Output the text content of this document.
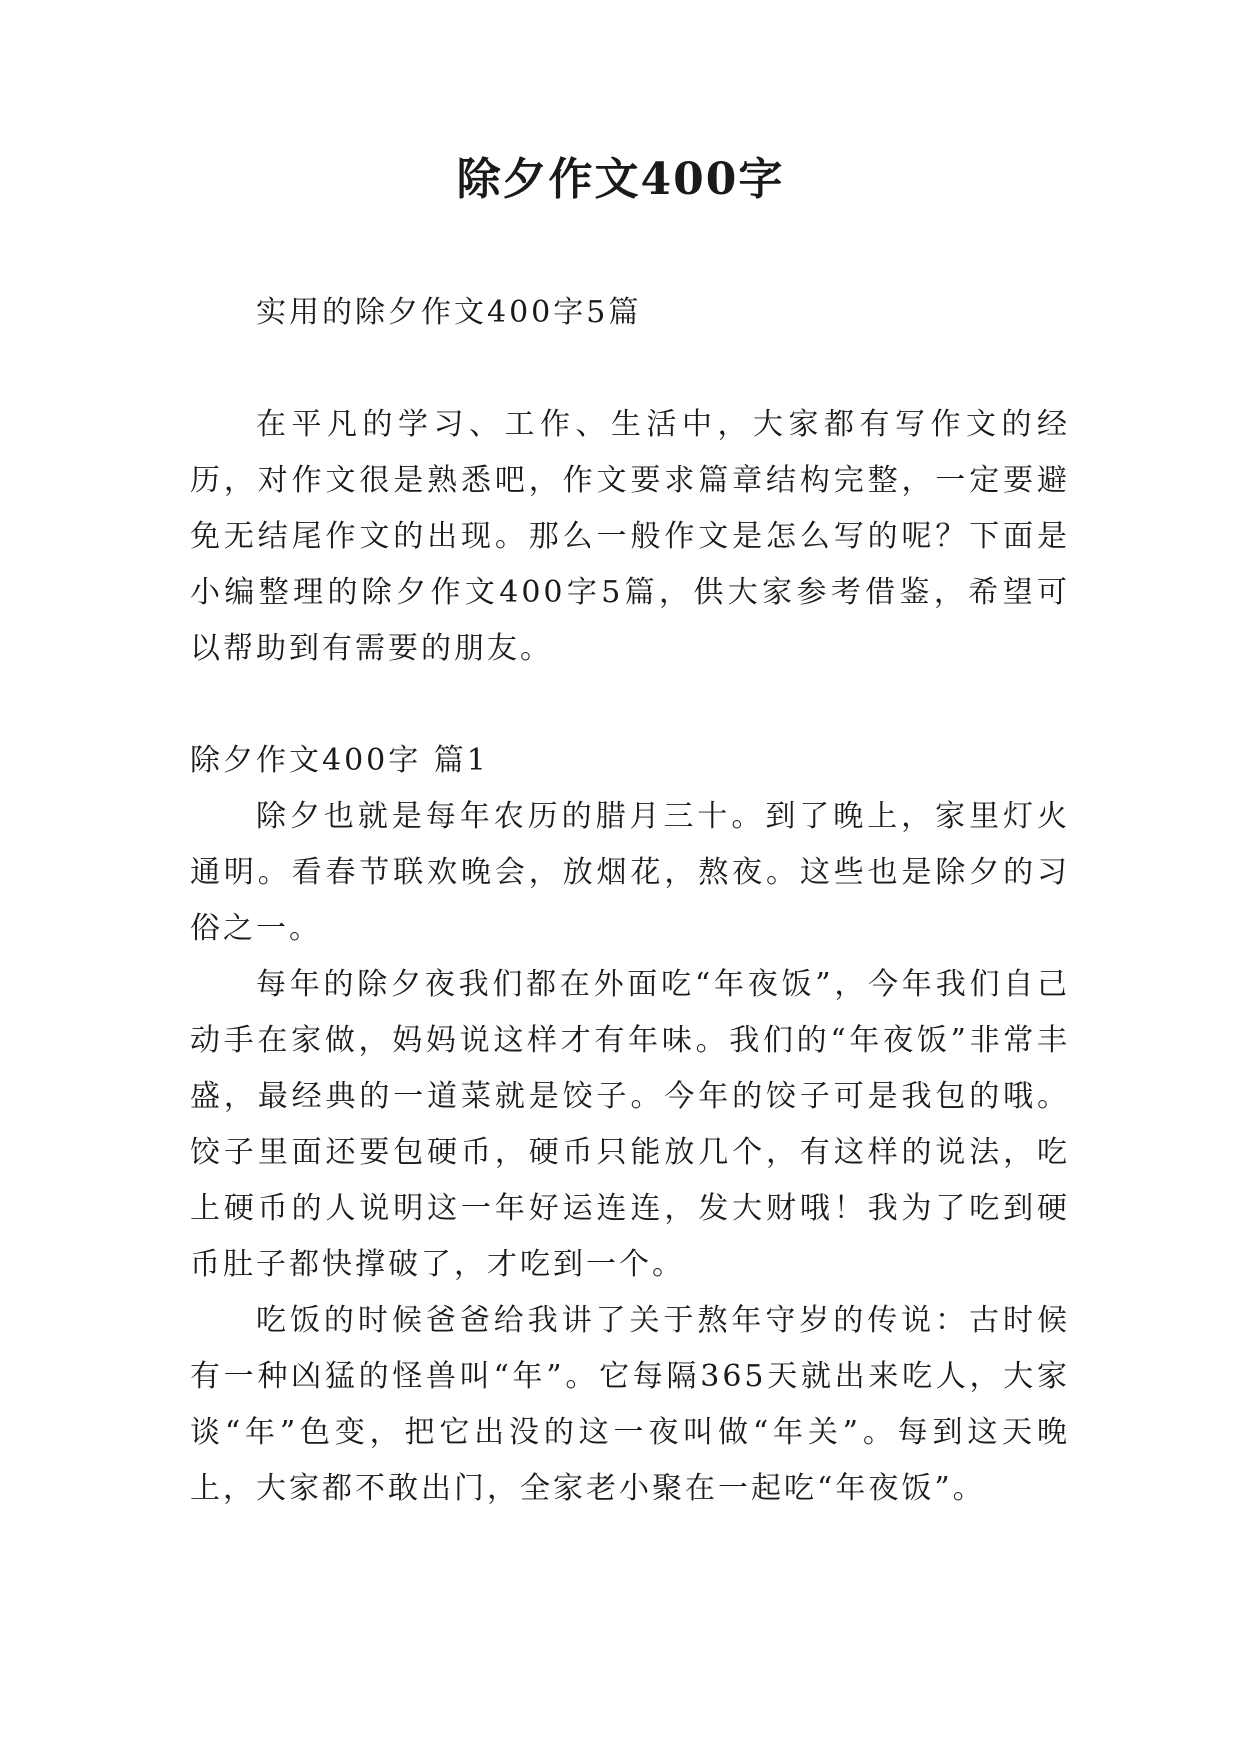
除夕作文400字

实用的除夕作文400字5篇

在平凡的学习、工作、生活中，大家都有写作文的经历，对作文很是熟悉吧，作文要求篇章结构完整，一定要避免无结尾作文的出现。那么一般作文是怎么写的呢？下面是小编整理的除夕作文400字5篇，供大家参考借鉴，希望可以帮助到有需要的朋友。

除夕作文400字 篇1

除夕也就是每年农历的腊月三十。到了晚上，家里灯火通明。看春节联欢晚会，放烟花，熬夜。这些也是除夕的习俗之一。

每年的除夕夜我们都在外面吃“年夜饭”，今年我们自己动手在家做，妈妈说这样才有年味。我们的“年夜饭”非常丰盛，最经典的一道菜就是饺子。今年的饺子可是我包的哦。饺子里面还要包硬币，硬币只能放几个，有这样的说法，吃上硬币的人说明这一年好运连连，发大财哦！我为了吃到硬币肚子都快撑破了，才吃到一个。

吃饭的时候爸爸给我讲了关于熬年守岁的传说：古时候有一种凶猛的怪兽叫“年”。它每隔365天就出来吃人，大家谈“年”色变，把它出没的这一夜叫做“年关”。每到这天晚上，大家都不敢出门，全家老小聚在一起吃“年夜饭”。
